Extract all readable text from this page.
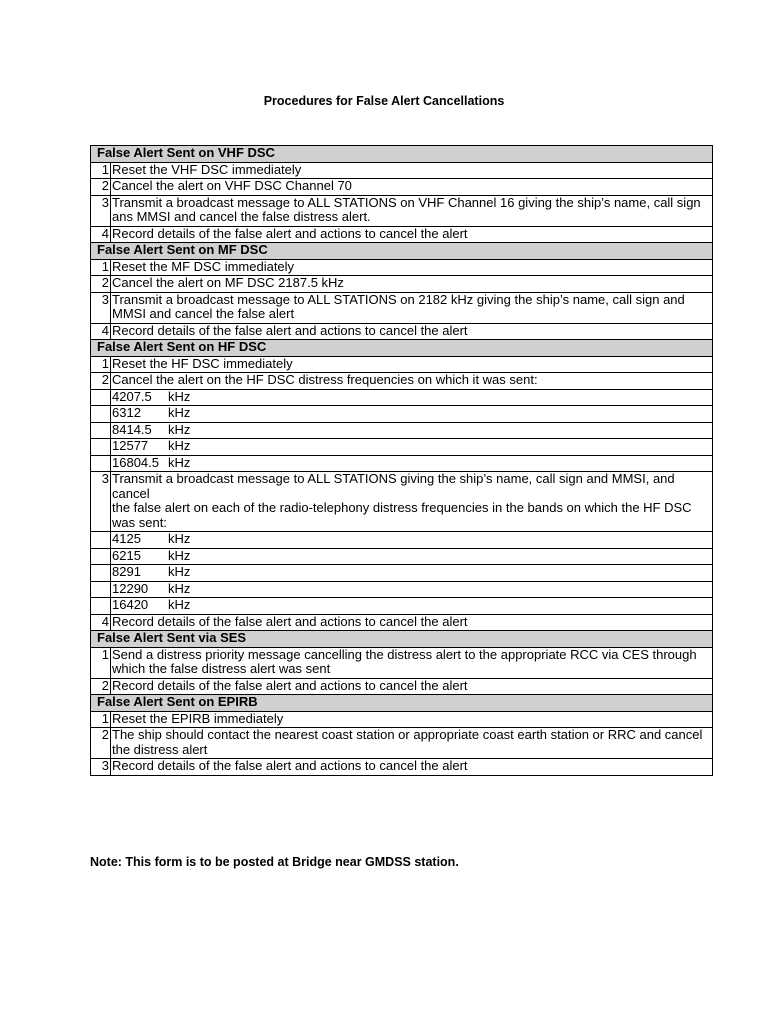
Procedures for False Alert Cancellations
False Alert Sent on VHF DSC	
1	Reset the VHF DSC immediately

2	Cancel the alert on VHF DSC Channel 70

3	Transmit a broadcast message to ALL STATIONS on VHF Channel 16 giving the ship’s name, call sign ans MMSI and cancel the false distress alert.

4	Record details of the false alert and actions to cancel the alert

False Alert Sent on MF DSC	
1	Reset the MF DSC immediately

2	Cancel the alert on MF DSC 2187.5 kHz

3	Transmit a broadcast message to ALL STATIONS on 2182 kHz giving the ship’s name, call sign and MMSI and cancel the false alert

4	Record details of the false alert and actions to cancel the alert

False Alert Sent on HF DSC	
1	Reset the HF DSC immediately

2	Cancel the alert on the HF DSC distress frequencies on which it was sent:

	4207.5 kHz
	6312 kHz
	8414.5 kHz
	12577 kHz
	16804.5 kHz
3	Transmit a broadcast message to ALL STATIONS giving the ship’s name, call sign and MMSI, and cancel
the false alert on each of the radio-telephony distress frequencies in the bands on which the HF DSC was sent:

	4125 kHz
	6215 kHz
	8291 kHz
	12290 kHz
	16420 kHz
4	Record details of the false alert and actions to cancel the alert

False Alert Sent via SES	
1	Send a distress priority message cancelling the distress alert to the appropriate RCC via CES through which the false distress alert was sent

2	Record details of the false alert and actions to cancel the alert

False Alert Sent on EPIRB	
1	Reset the EPIRB immediately

2	The ship should contact the nearest coast station or appropriate coast earth station or RRC and cancel the distress alert

3	Record details of the false alert and actions to cancel the alert
Note: This form is to be posted at Bridge near GMDSS station.
